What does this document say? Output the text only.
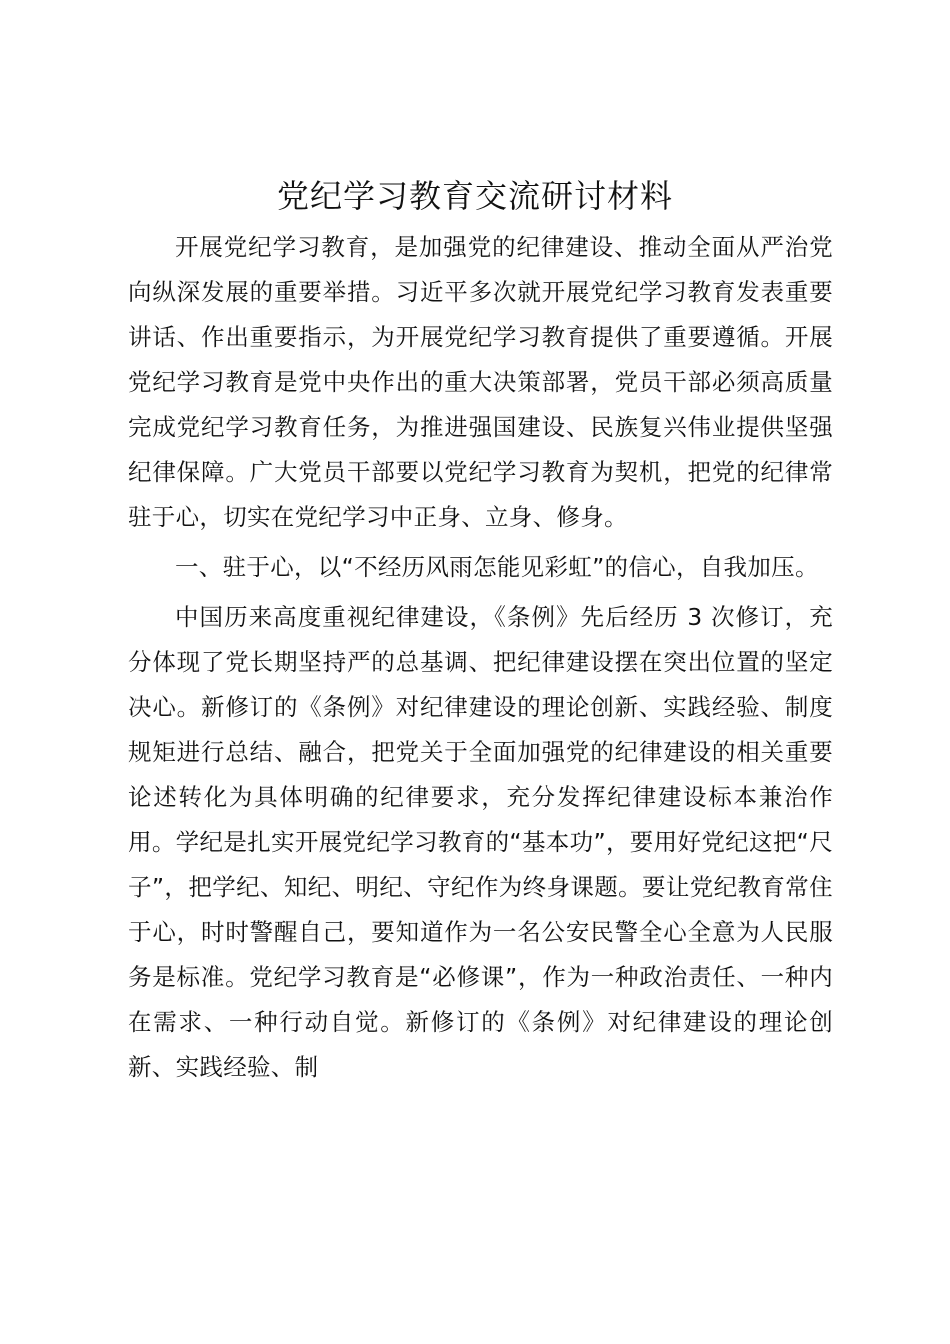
党纪学习教育交流研讨材料

开展党纪学习教育，是加强党的纪律建设、推动全面从严治党向纵深发展的重要举措。习近平多次就开展党纪学习教育发表重要讲话、作出重要指示，为开展党纪学习教育提供了重要遵循。开展党纪学习教育是党中央作出的重大决策部署，党员干部必须高质量完成党纪学习教育任务，为推进强国建设、民族复兴伟业提供坚强纪律保障。广大党员干部要以党纪学习教育为契机，把党的纪律常驻于心，切实在党纪学习中正身、立身、修身。

一、驻于心，以“不经历风雨怎能见彩虹”的信心，自我加压。

中国历来高度重视纪律建设，《条例》先后经历 3 次修订，充分体现了党长期坚持严的总基调、把纪律建设摆在突出位置的坚定决心。新修订的《条例》对纪律建设的理论创新、实践经验、制度规矩进行总结、融合，把党关于全面加强党的纪律建设的相关重要论述转化为具体明确的纪律要求，充分发挥纪律建设标本兼治作用。学纪是扎实开展党纪学习教育的“基本功”，要用好党纪这把“尺子”，把学纪、知纪、明纪、守纪作为终身课题。要让党纪教育常住于心，时时警醒自己，要知道作为一名公安民警全心全意为人民服务是标准。党纪学习教育是“必修课”，作为一种政治责任、一种内在需求、一种行动自觉。新修订的《条例》对纪律建设的理论创新、实践经验、制
